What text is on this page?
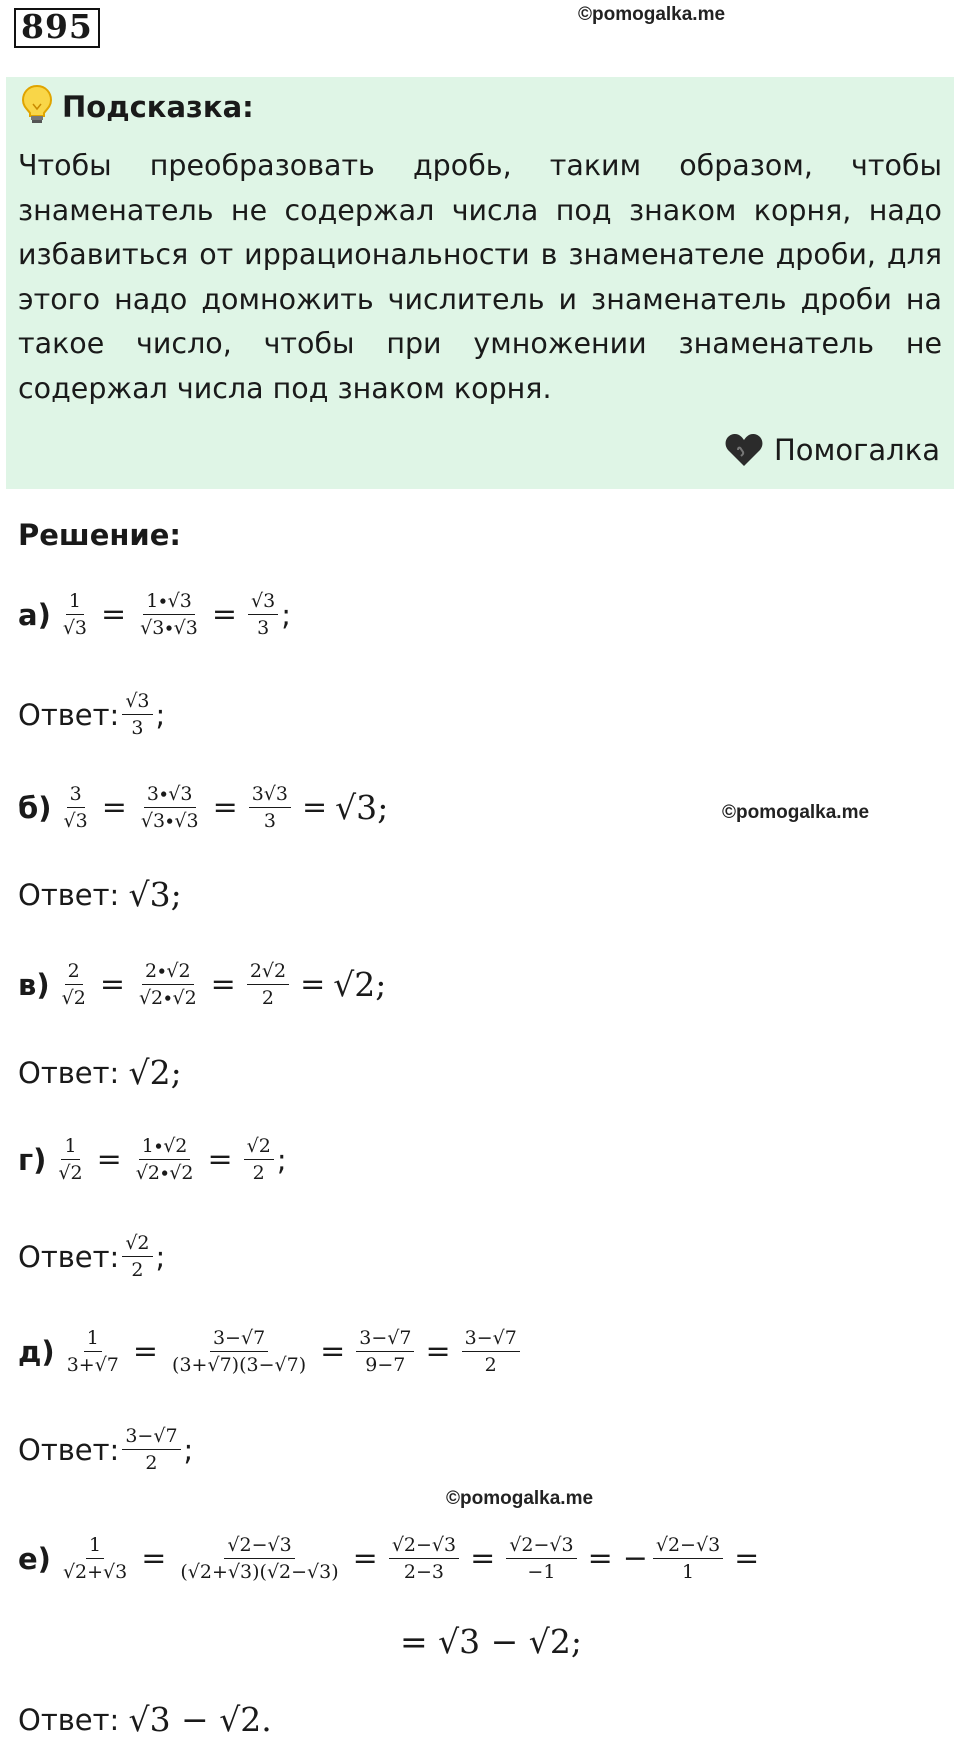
895	©pomogalka.me
Подсказка:
Чтобы преобразовать дробь, таким образом, чтобы знаменатель не содержал числа под знаком корня, надо избавиться от иррациональности в знаменателе дроби, для этого надо домножить числитель и знаменатель дроби на такое число, чтобы при умножении знаменатель не содержал числа под знаком корня.
Помогалка
Решение:
$а) \frac{1}{√3} = \frac{1\cdot√3}{√3\cdot√3} = \frac{√3}{3}$ ;
Ответ: $\frac{√3}{3}$ ;
$б) \frac{3}{√3} = \frac{3\cdot√3}{√3\cdot√3} = \frac{3√3}{3} = √3$ ;	©pomogalka.me
Ответ:
√3 ;
$в) \frac{2}{√2} = \frac{2\cdot√2}{√2\cdot√2} = \frac{2√2}{2} = √2$ ;
Ответ:
√2 ;
$г) \frac{1}{√2} = \frac{1\cdot√2}{√2\cdot√2} = \frac{√2}{2}$ ;
Ответ: $\frac{√2}{2}$ ;
$д) \frac{1}{3+√7} = \frac{3-√7}{(3+√7)(3-√7)} = \frac{3-√7}{9-7} = \frac{3-√7}{2}$
Ответ: $\frac{3-√7}{2}$ ;
©pomogalka.me
$е) \frac{1}{√2+√3} = \frac{√2-√3}{(√2+√3)(√2-√3)} = \frac{√2-√3}{2-3} = \frac{√2-√3}{-1}$ = − $\frac{√2-√3}{1}$ =
= √3 − √2;
Ответ:
√3 − √2.
